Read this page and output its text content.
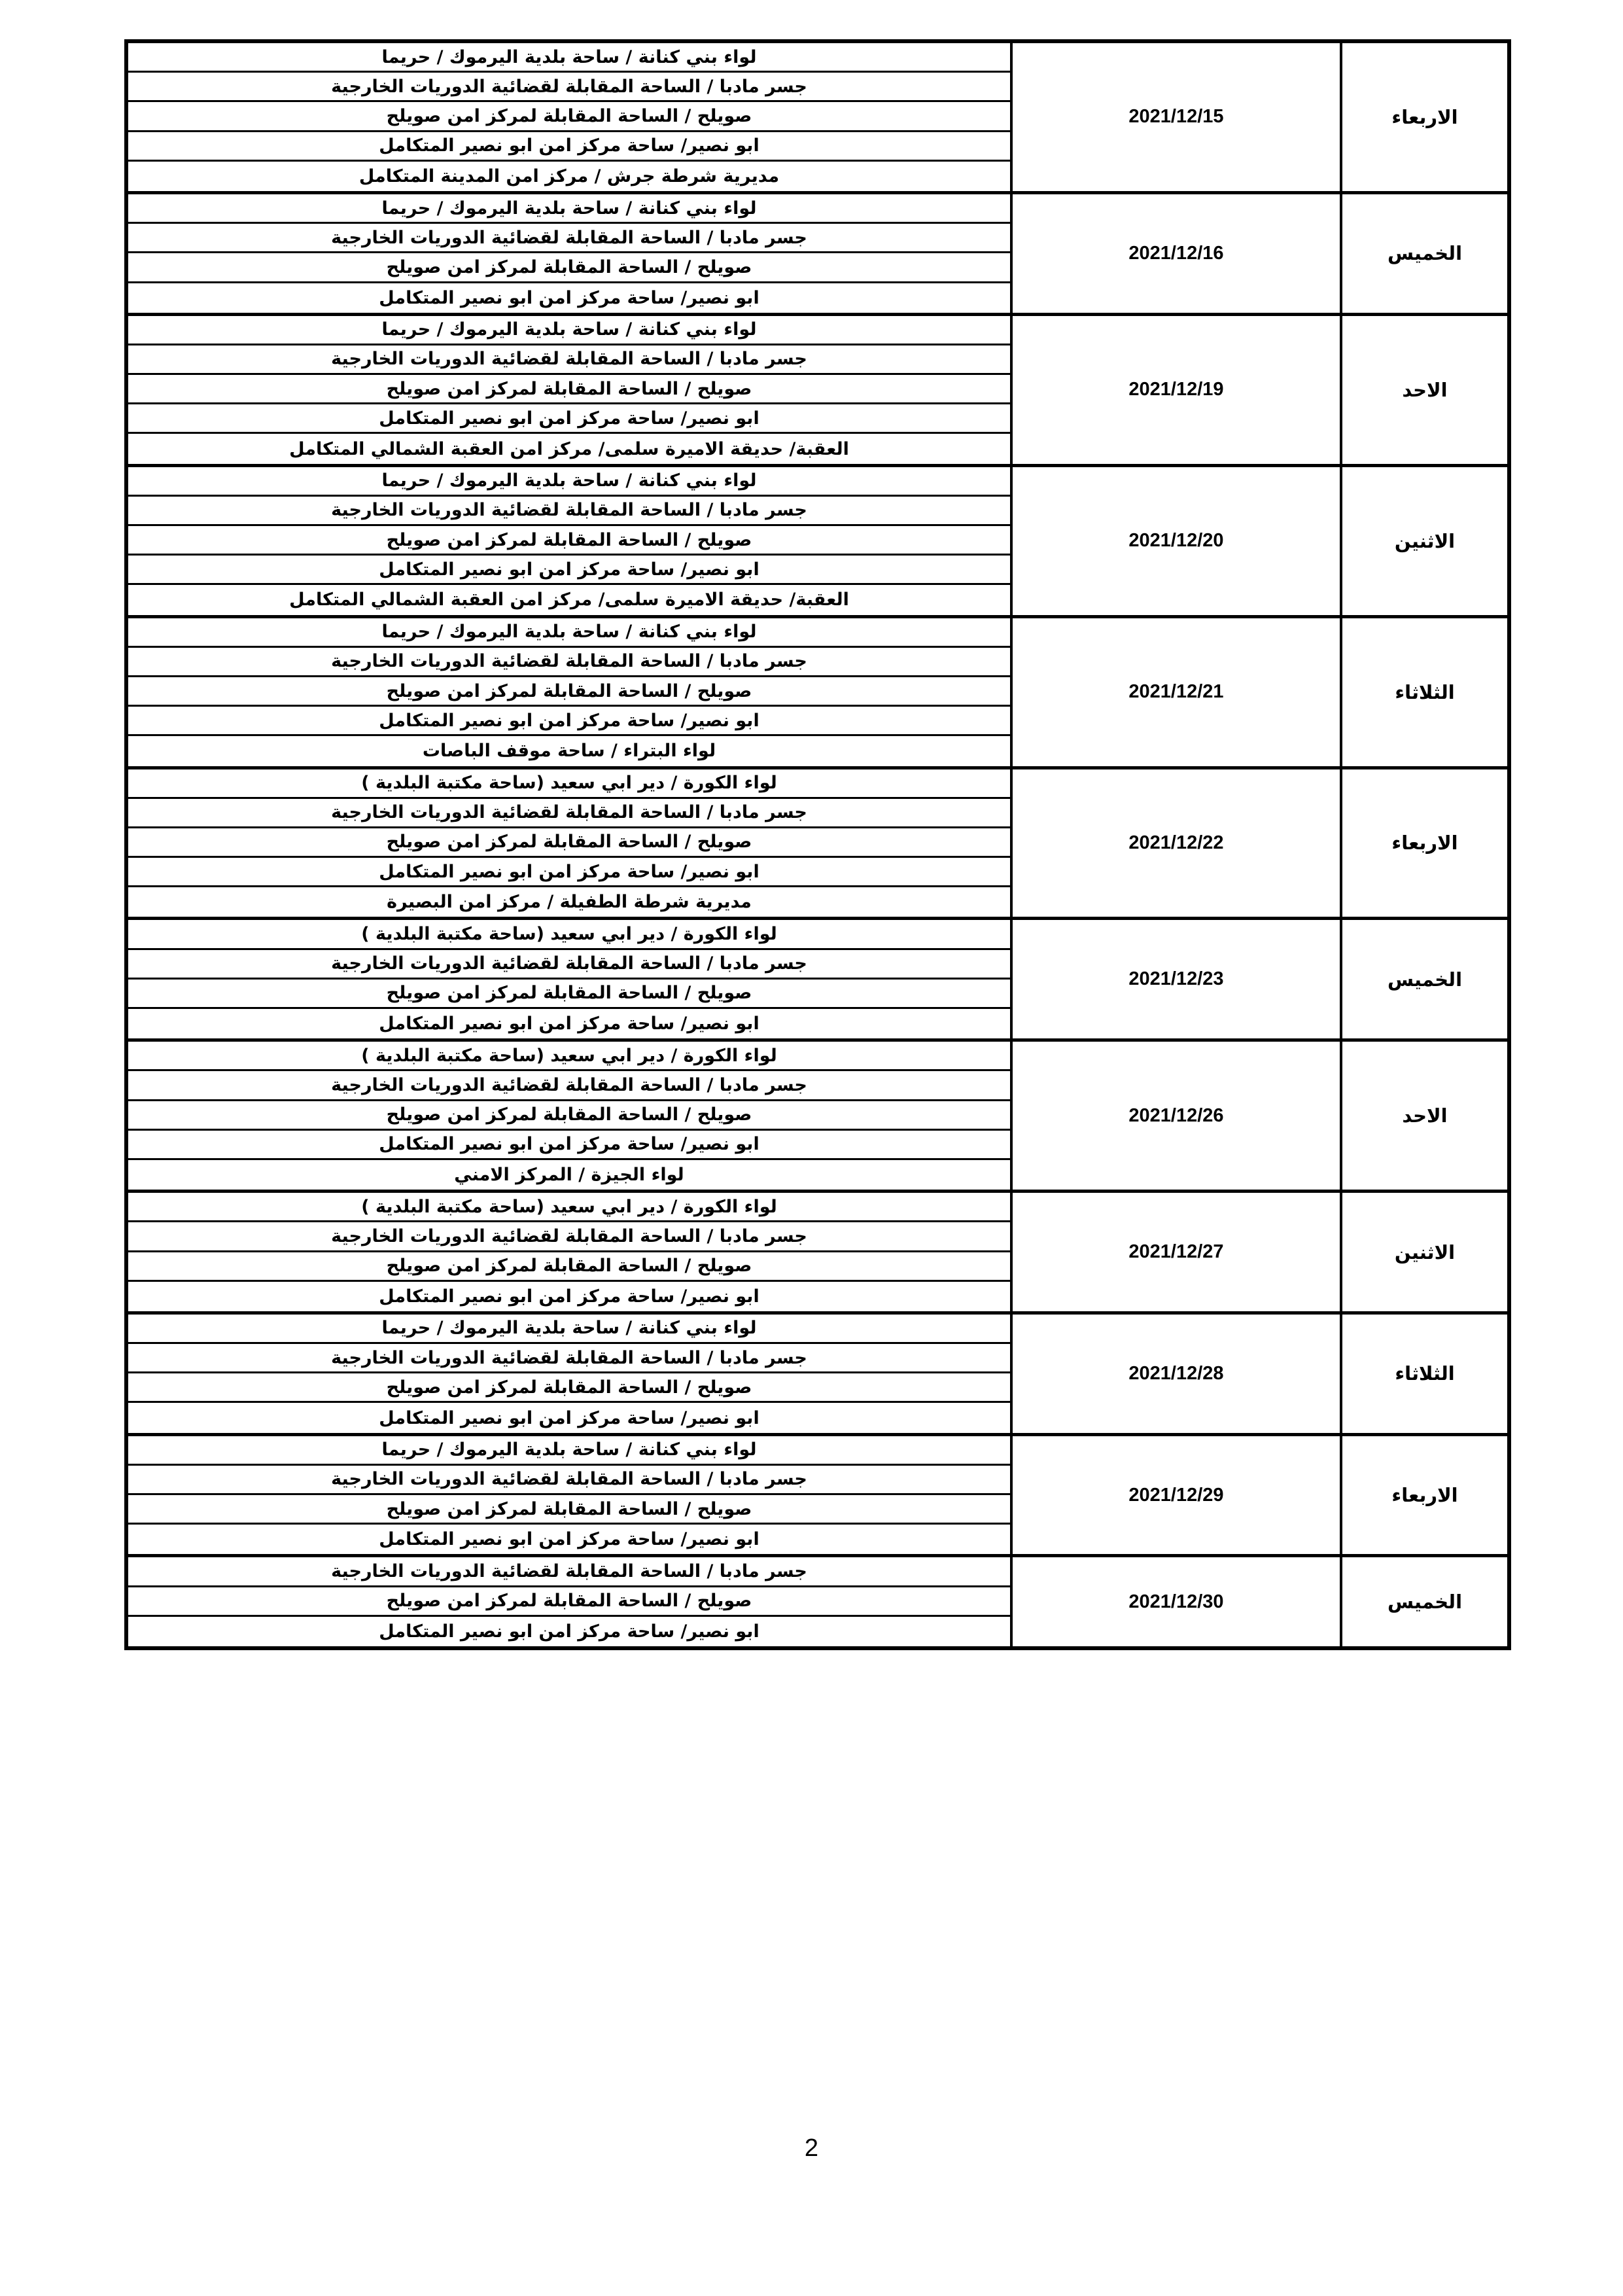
الاربعاء
2021/12/15
لواء بني كنانة / ساحة بلدية اليرموك / حريما
جسر مادبا / الساحة المقابلة لقضائية الدوريات الخارجية
صويلح / الساحة المقابلة لمركز امن صويلح
ابو نصير/ ساحة مركز امن ابو نصير المتكامل
مديرية شرطة جرش / مركز امن المدينة المتكامل
الخميس
2021/12/16
لواء بني كنانة / ساحة بلدية اليرموك / حريما
جسر مادبا / الساحة المقابلة لقضائية الدوريات الخارجية
صويلح / الساحة المقابلة لمركز امن صويلح
ابو نصير/ ساحة مركز امن ابو نصير المتكامل
الاحد
2021/12/19
لواء بني كنانة / ساحة بلدية اليرموك / حريما
جسر مادبا / الساحة المقابلة لقضائية الدوريات الخارجية
صويلح / الساحة المقابلة لمركز امن صويلح
ابو نصير/ ساحة مركز امن ابو نصير المتكامل
العقبة/ حديقة الاميرة سلمى/ مركز امن العقبة الشمالي المتكامل
الاثنين
2021/12/20
لواء بني كنانة / ساحة بلدية اليرموك / حريما
جسر مادبا / الساحة المقابلة لقضائية الدوريات الخارجية
صويلح / الساحة المقابلة لمركز امن صويلح
ابو نصير/ ساحة مركز امن ابو نصير المتكامل
العقبة/ حديقة الاميرة سلمى/ مركز امن العقبة الشمالي المتكامل
الثلاثاء
2021/12/21
لواء بني كنانة / ساحة بلدية اليرموك / حريما
جسر مادبا / الساحة المقابلة لقضائية الدوريات الخارجية
صويلح / الساحة المقابلة لمركز امن صويلح
ابو نصير/ ساحة مركز امن ابو نصير المتكامل
لواء البتراء / ساحة موقف الباصات
الاربعاء
2021/12/22
لواء الكورة / دير ابي سعيد (ساحة مكتبة البلدية )
جسر مادبا / الساحة المقابلة لقضائية الدوريات الخارجية
صويلح / الساحة المقابلة لمركز امن صويلح
ابو نصير/ ساحة مركز امن ابو نصير المتكامل
مديرية شرطة الطفيلة / مركز امن البصيرة
الخميس
2021/12/23
لواء الكورة / دير ابي سعيد (ساحة مكتبة البلدية )
جسر مادبا / الساحة المقابلة لقضائية الدوريات الخارجية
صويلح / الساحة المقابلة لمركز امن صويلح
ابو نصير/ ساحة مركز امن ابو نصير المتكامل
الاحد
2021/12/26
لواء الكورة / دير ابي سعيد (ساحة مكتبة البلدية )
جسر مادبا / الساحة المقابلة لقضائية الدوريات الخارجية
صويلح / الساحة المقابلة لمركز امن صويلح
ابو نصير/ ساحة مركز امن ابو نصير المتكامل
لواء الجيزة / المركز الامني
الاثنين
2021/12/27
لواء الكورة / دير ابي سعيد (ساحة مكتبة البلدية )
جسر مادبا / الساحة المقابلة لقضائية الدوريات الخارجية
صويلح / الساحة المقابلة لمركز امن صويلح
ابو نصير/ ساحة مركز امن ابو نصير المتكامل
الثلاثاء
2021/12/28
لواء بني كنانة / ساحة بلدية اليرموك / حريما
جسر مادبا / الساحة المقابلة لقضائية الدوريات الخارجية
صويلح / الساحة المقابلة لمركز امن صويلح
ابو نصير/ ساحة مركز امن ابو نصير المتكامل
الاربعاء
2021/12/29
لواء بني كنانة / ساحة بلدية اليرموك / حريما
جسر مادبا / الساحة المقابلة لقضائية الدوريات الخارجية
صويلح / الساحة المقابلة لمركز امن صويلح
ابو نصير/ ساحة مركز امن ابو نصير المتكامل
الخميس
2021/12/30
جسر مادبا / الساحة المقابلة لقضائية الدوريات الخارجية
صويلح / الساحة المقابلة لمركز امن صويلح
ابو نصير/ ساحة مركز امن ابو نصير المتكامل
2
